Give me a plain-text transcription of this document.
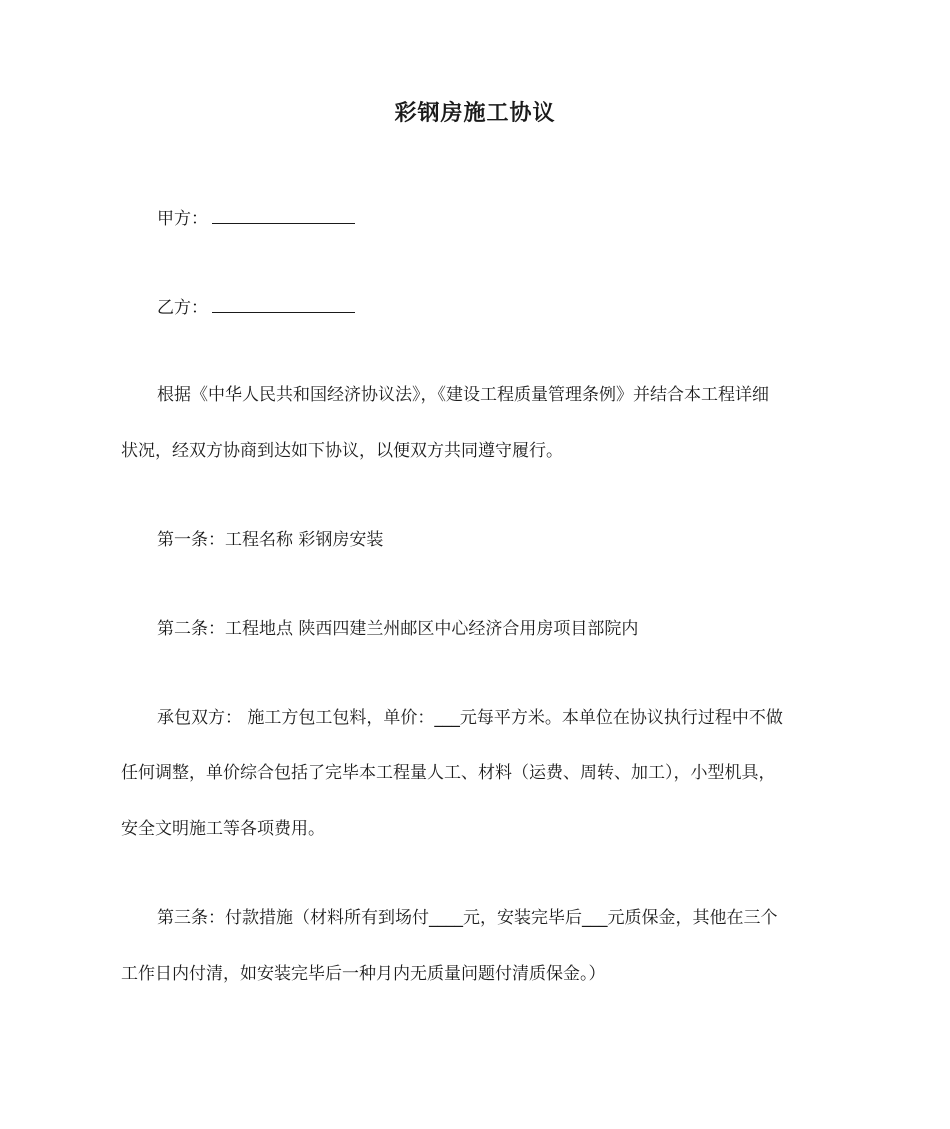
彩钢房施工协议
甲方：
乙方：
根据《中华人民共和国经济协议法》，《建设工程质量管理条例》并结合本工程详细
状况，经双方协商到达如下协议，以便双方共同遵守履行。
第一条：工程名称 彩钢房安装
第二条：工程地点 陕西四建兰州邮区中心经济合用房项目部院内
承包双方： 施工方包工包料，单价：___元每平方米。本单位在协议执行过程中不做
任何调整，单价综合包括了完毕本工程量人工、材料（运费、周转、加工），小型机具，
安全文明施工等各项费用。
第三条：付款措施（材料所有到场付____元，安装完毕后___元质保金，其他在三个
工作日内付清，如安装完毕后一种月内无质量问题付清质保金。）
